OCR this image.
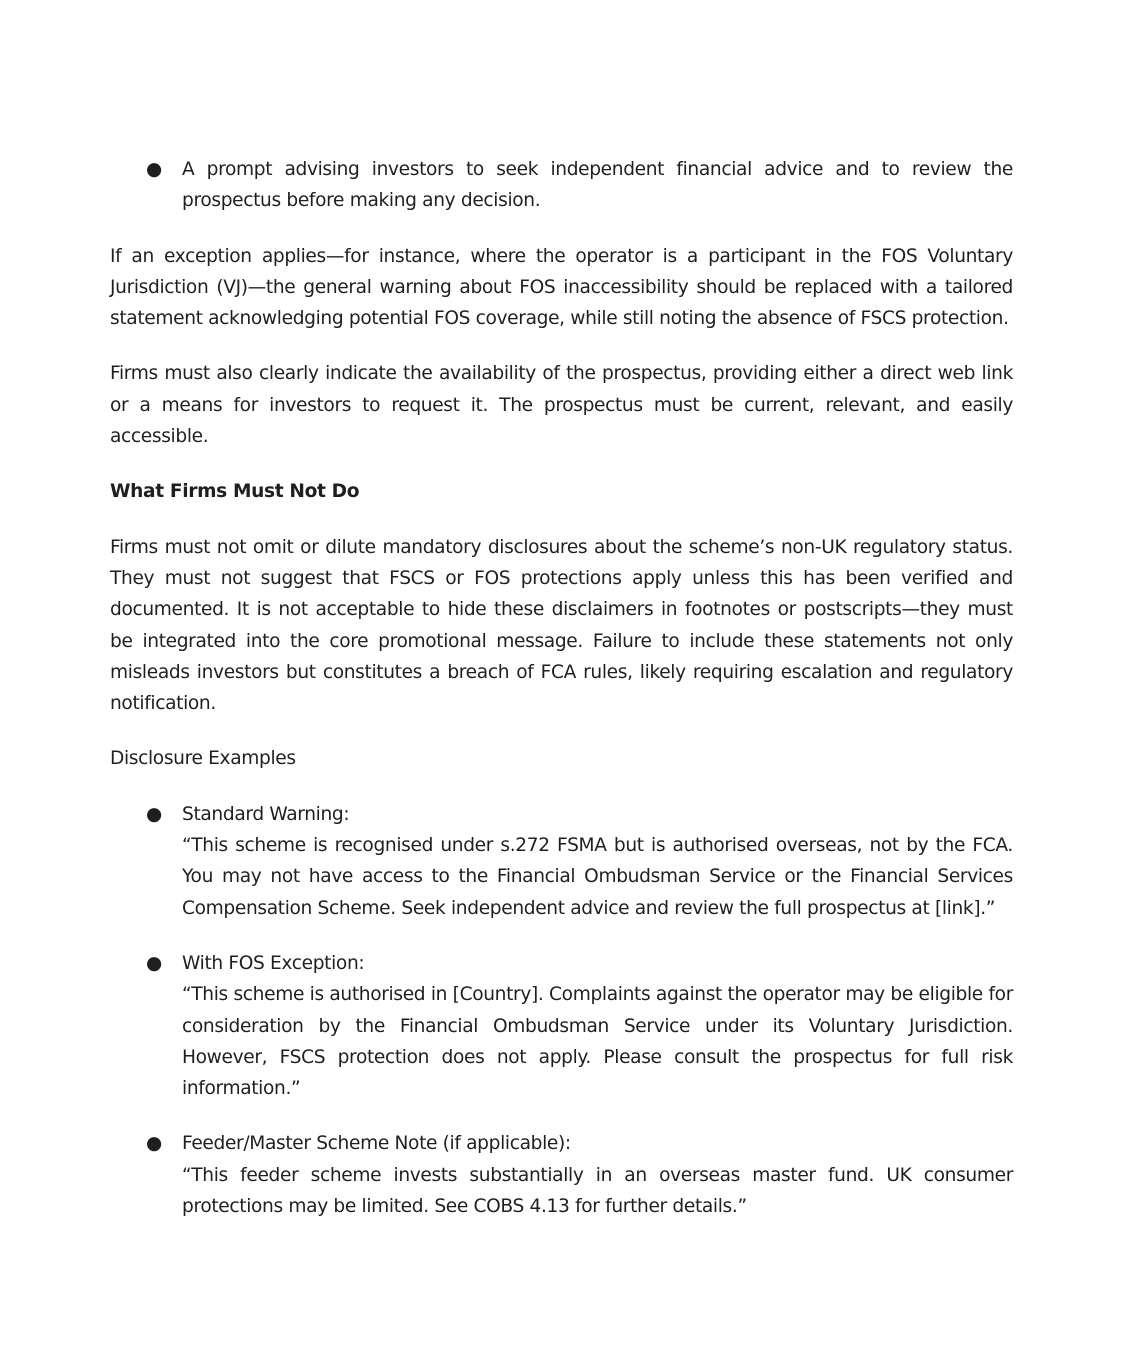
● A prompt advising investors to seek independent financial advice and to review the prospectus before making any decision.

If an exception applies—for instance, where the operator is a participant in the FOS Voluntary Jurisdiction (VJ)—the general warning about FOS inaccessibility should be replaced with a tailored statement acknowledging potential FOS coverage, while still noting the absence of FSCS protection.

Firms must also clearly indicate the availability of the prospectus, providing either a direct web link or a means for investors to request it. The prospectus must be current, relevant, and easily accessible.

What Firms Must Not Do

Firms must not omit or dilute mandatory disclosures about the scheme’s non-UK regulatory status. They must not suggest that FSCS or FOS protections apply unless this has been verified and documented. It is not acceptable to hide these disclaimers in footnotes or postscripts—they must be integrated into the core promotional message. Failure to include these statements not only misleads investors but constitutes a breach of FCA rules, likely requiring escalation and regulatory notification.

Disclosure Examples

● Standard Warning:
“This scheme is recognised under s.272 FSMA but is authorised overseas, not by the FCA. You may not have access to the Financial Ombudsman Service or the Financial Services Compensation Scheme. Seek independent advice and review the full prospectus at [link].”
● With FOS Exception:
“This scheme is authorised in [Country]. Complaints against the operator may be eligible for consideration by the Financial Ombudsman Service under its Voluntary Jurisdiction. However, FSCS protection does not apply. Please consult the prospectus for full risk information.”
● Feeder/Master Scheme Note (if applicable):
“This feeder scheme invests substantially in an overseas master fund. UK consumer protections may be limited. See COBS 4.13 for further details.”
